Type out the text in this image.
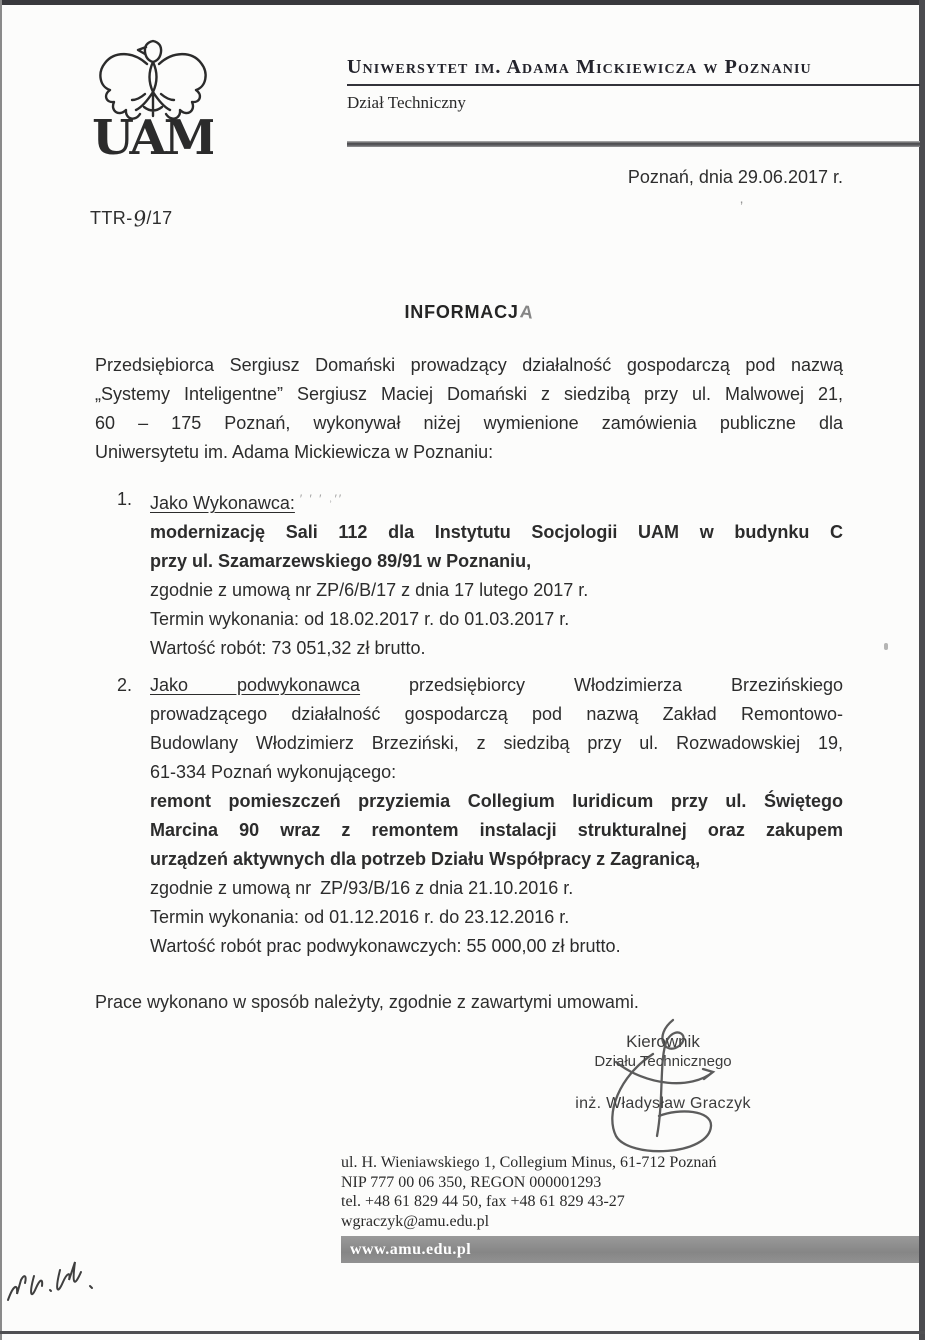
UAM
Uniwersytet im. Adama Mickiewicza w Poznaniu
Dział Techniczny
Poznań, dnia 29.06.2017 r.
’
TTR-9/17
INFORMACJA
Przedsiębiorca Sergiusz Domański prowadzący działalność gospodarczą pod nazwą
„Systemy Inteligentne” Sergiusz Maciej Domański z siedzibą przy ul. Malwowej 21,
60 – 175 Poznań, wykonywał niżej wymienione zamówienia publiczne dla
Uniwersytetu im. Adama Mickiewicza w Poznaniu:
1. Jako Wykonawca: ′ ′ ′ ˒′′
modernizację Sali 112 dla Instytutu Socjologii UAM w budynku C
przy ul. Szamarzewskiego 89/91 w Poznaniu,
zgodnie z umową nr ZP/6/B/17 z dnia 17 lutego 2017 r.
Termin wykonania: od 18.02.2017 r. do 01.03.2017 r.
Wartość robót: 73 051,32 zł brutto.
2. Jako podwykonawca	przedsiębiorcy Włodzimierza Brzezińskiego
prowadzącego działalność gospodarczą pod nazwą Zakład Remontowo-
Budowlany Włodzimierz Brzeziński, z siedzibą przy ul. Rozwadowskiej 19,
61-334 Poznań wykonującego:
remont pomieszczeń przyziemia Collegium Iuridicum przy ul. Świętego
Marcina 90 wraz z remontem instalacji strukturalnej oraz zakupem
urządzeń aktywnych dla potrzeb Działu Współpracy z Zagranicą,
zgodnie z umową nr ZP/93/B/16 z dnia 21.10.2016 r.
Termin wykonania: od 01.12.2016 r. do 23.12.2016 r.
Wartość robót prac podwykonawczych: 55 000,00 zł brutto.
Prace wykonano w sposób należyty, zgodnie z zawartymi umowami.
Kierownik
Działu Technicznego
inż. Władysław Graczyk
ul. H. Wieniawskiego 1, Collegium Minus, 61-712 Poznań
NIP 777 00 06 350, REGON 000001293
tel. +48 61 829 44 50, fax +48 61 829 43-27
wgraczyk@amu.edu.pl
www.amu.edu.pl
